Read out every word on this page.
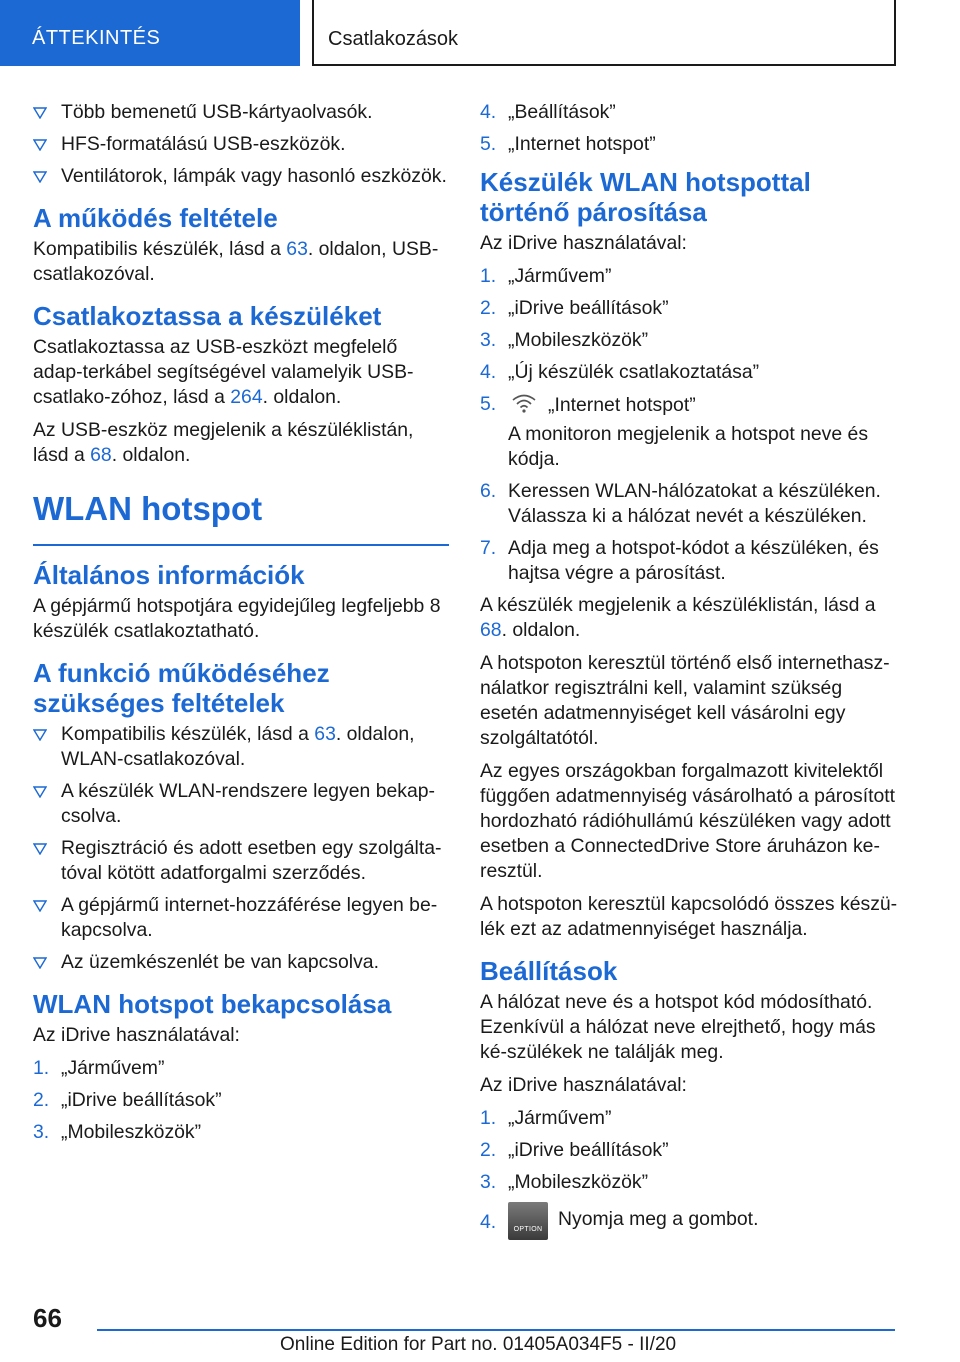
ÁTTEKINTÉS	Csatlakozások
Több bemenetű USB-kártyaolvasók.
HFS-formatálású USB-eszközök.
Ventilátorok, lámpák vagy hasonló eszközök.
A működés feltétele

Kompatibilis készülék, lásd a 63. oldalon, USB-csatlakozóval.

Csatlakoztassa a készüléket

Csatlakoztassa az USB-eszközt megfelelő adap-terkábel segítségével valamelyik USB-csatlako-zóhoz, lásd a 264. oldalon.

Az USB-eszköz megjelenik a készüléklistán, lásd a 68. oldalon.

WLAN hotspot
Általános információk

A gépjármű hotspotjára egyidejűleg legfeljebb 8 készülék csatlakoztatható.

A funkció működéséhez szükséges feltételek
Kompatibilis készülék, lásd a 63. oldalon, WLAN-csatlakozóval.
A készülék WLAN-rendszere legyen bekap-csolva.
Regisztráció és adott esetben egy szolgálta-tóval kötött adatforgalmi szerződés.
A gépjármű internet-hozzáférése legyen be-kapcsolva.
Az üzemkészenlét be van kapcsolva.
WLAN hotspot bekapcsolása

Az iDrive használatával:

1. „Járművem”
2. „iDrive beállítások”
3. „Mobileszközök”
4. „Beállítások”
5. „Internet hotspot”
Készülék WLAN hotspottal történő párosítása

Az iDrive használatával:

1. „Járművem”
2. „iDrive beállítások”
3. „Mobileszközök”
4. „Új készülék csatlakoztatása”
5.	„Internet hotspot”
A monitoron megjelenik a hotspot neve és kódja.
6. Keressen WLAN-hálózatokat a készüléken. Válassza ki a hálózat nevét a készüléken.
7. Adja meg a hotspot-kódot a készüléken, és hajtsa végre a párosítást.

A készülék megjelenik a készüléklistán, lásd a 68. oldalon.

A hotspoton keresztül történő első internethasz-nálatkor regisztrálni kell, valamint szükség esetén adatmennyiséget kell vásárolni egy szolgáltatótól.

Az egyes országokban forgalmazott kivitelektől függően adatmennyiség vásárolható a párosított hordozható rádióhullámú készüléken vagy adott esetben a ConnectedDrive Store áruházon ke-resztül.

A hotspoton keresztül kapcsolódó összes készü-lék ezt az adatmennyiséget használja.

Beállítások

A hálózat neve és a hotspot kód módosítható. Ezenkívül a hálózat neve elrejthető, hogy más ké-szülékek ne találják meg.

Az iDrive használatával:

1. „Járművem”
2. „iDrive beállítások”
3. „Mobileszközök”
4.	OPTION Nyomja meg a gombot.
66
Online Edition for Part no. 01405A034F5 - II/20
